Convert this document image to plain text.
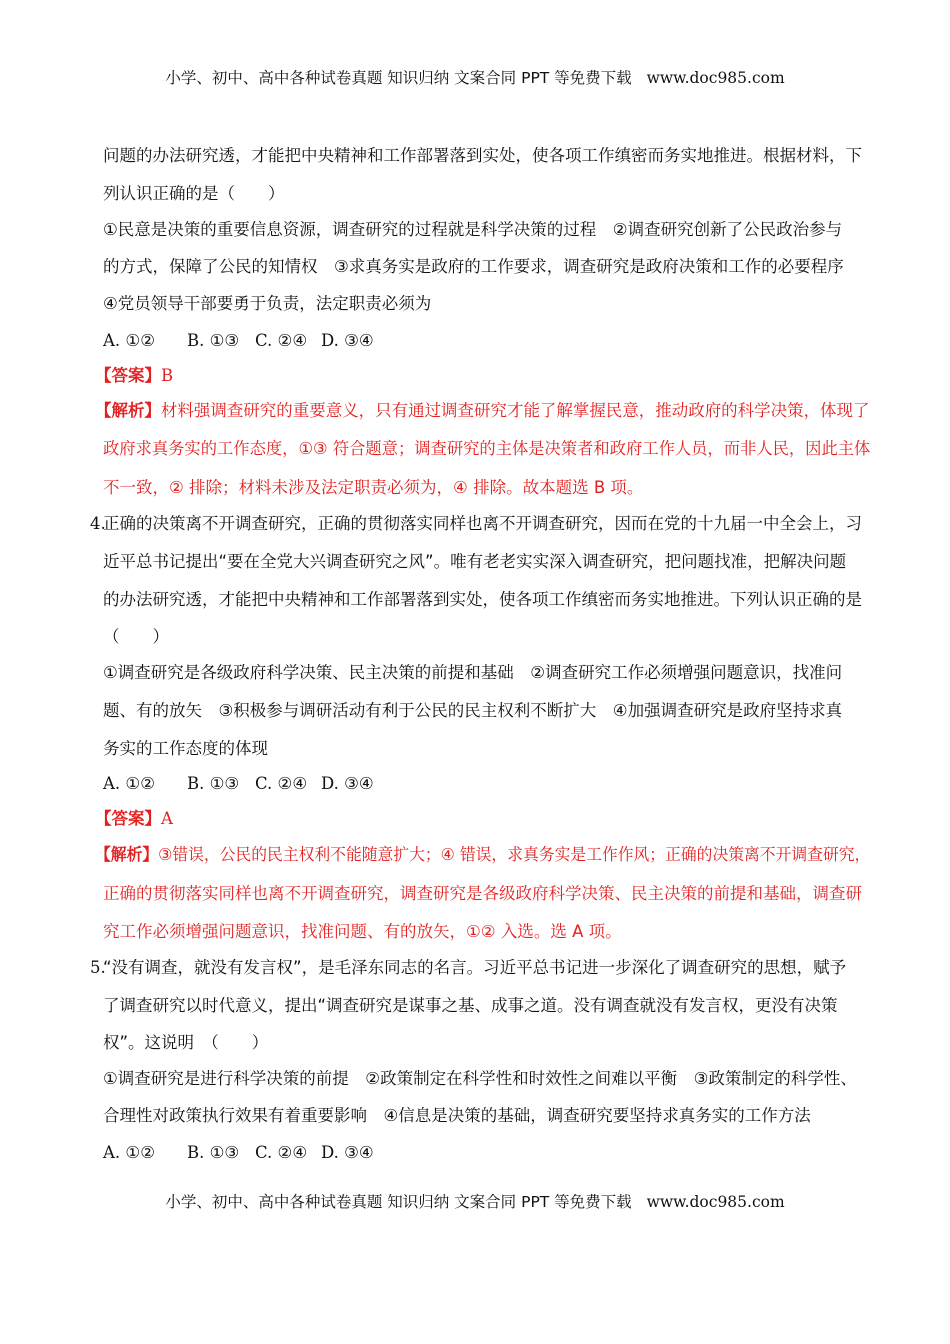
小学、初中、高中各种试卷真题 知识归纳 文案合同 PPT 等免费下载 www.doc985.com
问题的办法研究透，才能把中央精神和工作部署落到实处，使各项工作缜密而务实地推进。根据材料，下
列认识正确的是（　　）
①民意是决策的重要信息资源，调查研究的过程就是科学决策的过程　②调查研究创新了公民政治参与
的方式，保障了公民的知情权　③求真务实是政府的工作要求，调查研究是政府决策和工作的必要程序
④党员领导干部要勇于负责，法定职责必须为
A. ①② B. ①③ C. ②④ D. ③④
【答案】B
【解析】材料强调查研究的重要意义，只有通过调查研究才能了解掌握民意，推动政府的科学决策，体现了
政府求真务实的工作态度，①③ 符合题意；调查研究的主体是决策者和政府工作人员，而非人民，因此主体
不一致，② 排除；材料未涉及法定职责必须为，④ 排除。故本题选 B 项。
4.
正确的决策离不开调查研究，正确的贯彻落实同样也离不开调查研究，因而在党的十九届一中全会上，习
近平总书记提出“要在全党大兴调查研究之风”。唯有老老实实深入调查研究，把问题找准，把解决问题
的办法研究透，才能把中央精神和工作部署落到实处，使各项工作缜密而务实地推进。下列认识正确的是
（　　）
①调查研究是各级政府科学决策、民主决策的前提和基础　②调查研究工作必须增强问题意识，找准问
题、有的放矢　③积极参与调研活动有利于公民的民主权利不断扩大　④加强调查研究是政府坚持求真
务实的工作态度的体现
A. ①② B. ①③ C. ②④ D. ③④
【答案】A
【解析】③错误，公民的民主权利不能随意扩大；④ 错误，求真务实是工作作风；正确的决策离不开调查研究，
正确的贯彻落实同样也离不开调查研究，调查研究是各级政府科学决策、民主决策的前提和基础，调查研
究工作必须增强问题意识，找准问题、有的放矢，①② 入选。选 A 项。
5.
“没有调查，就没有发言权”，是毛泽东同志的名言。习近平总书记进一步深化了调查研究的思想，赋予
了调查研究以时代意义，提出“调查研究是谋事之基、成事之道。没有调查就没有发言权，更没有决策
权”。这说明　（　　）
①调查研究是进行科学决策的前提　②政策制定在科学性和时效性之间难以平衡　③政策制定的科学性、
合理性对政策执行效果有着重要影响　④信息是决策的基础，调查研究要坚持求真务实的工作方法
A. ①② B. ①③ C. ②④ D. ③④
小学、初中、高中各种试卷真题 知识归纳 文案合同 PPT 等免费下载 www.doc985.com
